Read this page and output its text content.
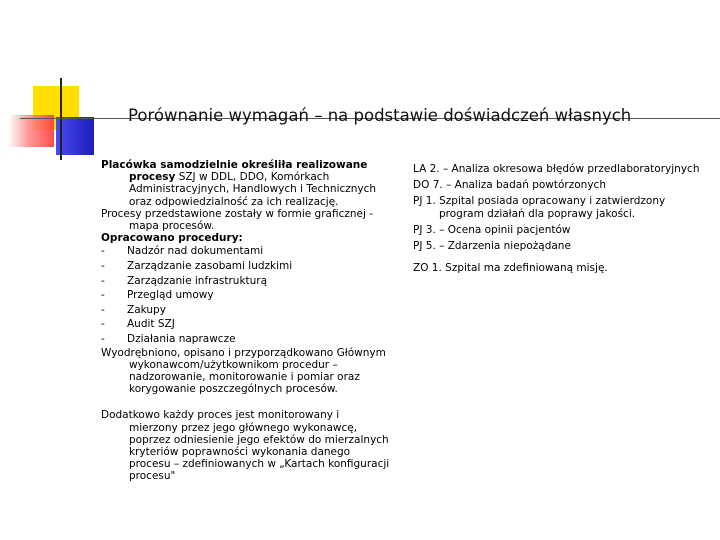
Porównanie wymagań – na podstawie doświadczeń własnych

Placówka samodzielnie określiła realizowane procesy SZJ w DDL, DDO, Komórkach Administracyjnych, Handlowych i Technicznych oraz odpowiedzialność za ich realizację.

Procesy przedstawione zostały w formie graficznej - mapa procesów.

Opracowano procedury:

- Nadzór nad dokumentami

- Zarządzanie zasobami ludzkimi

- Zarządzanie infrastrukturą

- Przegląd umowy

- Zakupy

- Audit SZJ

- Działania naprawcze

Wyodrębniono, opisano i przyporządkowano Głównym wykonawcom/użytkownikom procedur – nadzorowanie, monitorowanie i pomiar oraz korygowanie poszczególnych procesów.

Dodatkowo każdy proces jest monitorowany i mierzony przez jego głównego wykonawcę, poprzez odniesienie jego efektów do mierzalnych kryteriów poprawności wykonania danego procesu – zdefiniowanych w „Kartach konfiguracji procesu"

LA 2. – Analiza okresowa błędów przedlaboratoryjnych

DO 7. – Analiza badań powtórzonych

PJ 1. Szpital posiada opracowany i zatwierdzony program działań dla poprawy jakości.

PJ 3. – Ocena opinii pacjentów

PJ 5. – Zdarzenia niepożądane

ZO 1. Szpital ma zdefiniowaną misję.
